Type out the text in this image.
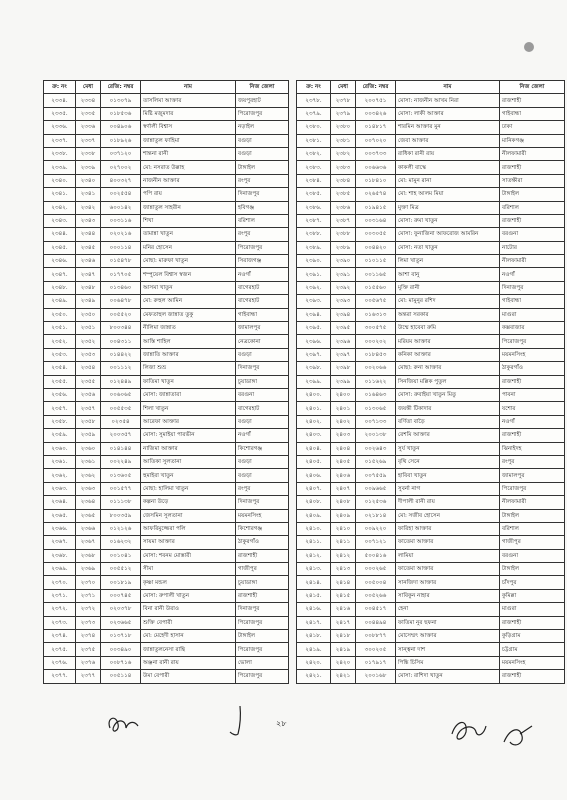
ক্র: নং	মেধা	রেজি: নম্বর	নাম	নিজ জেলা
২৩৩৪.	২৩৩৪	০১৩০৭৯	তাসলিমা আক্তার	জয়পুরহাট
২৩৩৫.	২৩৩৫	০১৮৫৩৬	মিষ্টি মজুমদার	পিরোজপুর
২৩৩৬.	২৩৩৬	০০৪৯০৬	স্বর্ণালী বিশ্বাস	নড়াইল
২৩৩৭.	২৩৩৭	০১৮৯২৬	জান্নাতুল ফাহিমা	বগুড়া
২৩৩৮.	২৩৩৮	০৩৭১২০	শান্তনা রানী	বগুড়া
২৩৩৯.	২৩৩৯	০২৭০০২	মো: নসরাত উল্লাহ	টাঙ্গাইল
২৩৪০.	২৩৪০	৪০০৩২৭	নাজনীন আক্তার	রংপুর
২৩৪১.	২৩৪১	০০২৫৫৪	পপি রায়	দিনাজপুর
২৩৪২.	২৩৪২	৬০০১৪২	জান্নাতুল সাহরীন	হবিগঞ্জ
২৩৪৩.	২৩৪৩	০০৩১১৬	শিখা	বরিশাল
২৩৪৪.	২৩৪৪	০২০২১৬	তামান্না খাতুন	রংপুর
২৩৪৫.	২৩৪৫	০০০১১৪	মনির হোসেন	পিরোজপুর
২৩৪৬.	২৩৪৬	০১৫৪৭৮	মোছা: মারুফা খাতুন	সিরাজগঞ্জ
২৩৪৭.	২৩৪৭	০১৭৭০৫	শম্পুয়েল বিশ্বাস স্বজন	নওগাঁ
২৩৪৮.	২৩৪৮	০১৩৪৬০	আসমা খাতুন	বাগেরহাট
২৩৪৯.	২৩৪৯	০০৬৪৭৮	মো: রুহুল আমিন	বাগেরহাট
২৩৫০.	২৩৫০	০০৫৫২০	মেফতাহুল জান্নাত তুকু	গাইবান্ধা
২৩৫১.	২৩৫১	৮০০৩৪৪	নীলিমা জান্নাত	জামালপুর
২৩৫২.	২৩৫২	০০৪৩১১	আস্তি শাহিল	নেত্রকোনা
২৩৫৩.	২৩৫৩	০১৪৪২২	জান্নাতি আক্তার	বগুড়া
২৩৫৪.	২৩৫৪	০০১১১২	লিজা শুভ্র	দিনাজপুর
২৩৫৫.	২৩৫৫	০১২৪৪৯	ফাতিমা খাতুন	চুয়াডাঙ্গা
২৩৫৬.	২৩৫৬	০০৬০৬৫	মোসা: জান্নাতারা	বরগুনা
২৩৫৭.	২৩৫৭	০০৫৫৩৫	শিলা খাতুন	বাগেরহাট
২৩৫৮.	২৩৫৮	০২৩৫৪	আরেফা আক্তার	বগুড়া
২৩৫৯.	২৩৫৯	২০০৩৫৭	মোসা: সুমাইয়া পারভীন	নওগাঁ
২৩৬০.	২৩৬০	০১৪১৪৪	নাজিমা আক্তার	কিশোরগঞ্জ
২৩৬১.	২৩৬১	০০২২৪৯	আতিকা সুলতানা	বগুড়া
২৩৬২.	২৩৬২	০১৩৬০৫	হুমাইরা খাতুন	বগুড়া
২৩৬৩.	২৩৬৩	০০১৫৭৭	মোছা: হালিমা খাতুন	রংপুর
২৩৬৪.	২৩৬৪	০১১১৩৮	কল্পনা উড়ে	দিনাজপুর
২৩৬৫.	২৩৬৫	৮০০৩৫৯	জেসমিন সুলতানা	ময়মনসিংহ
২৩৬৬.	২৩৬৬	০১২১২৬	আফরিমুজ্জেরা পলি	কিশোরগঞ্জ
২৩৬৭.	২৩৬৭	০১৬২৩২	সায়মা আক্তার	ঠাকুরগাঁও
২৩৬৮.	২৩৬৮	০০১০৪১	মোসা: শবনম মোস্তারী	রাজশাহী
২৩৬৯.	২৩৬৯	০০৫৫১২	সীমা	গাজীপুর
২৩৭০.	২৩৭০	০০১৮১৯	কৃষ্ণা মন্ডল	চুয়াডাঙ্গা
২৩৭১.	২৩৭১	০০০৭৪৫	মোসা: রুপালী খাতুন	রাজশাহী
২৩৭২.	২৩৭২	০২০৩৭৮	বিনা রানী উরাও	দিনাজপুর
২৩৭৩.	২৩৭৩	০২৩৬৬৫	শুক্তি বেপারী	পিরোজপুর
২৩৭৪.	২৩৭৪	০১৩৭১৮	মো: মেহেদী হাসান	টাঙ্গাইল
২৩৭৫.	২৩৭৫	০০৩৪৯০	জান্নাতুলনেসা রান্থি	পিরোজপুর
২৩৭৬.	২৩৭৬	০০৮৭১৬	অঞ্জনা রানী রায়	ভোলা
২৩৭৭.	২৩৭৭	০০৫১১৪	উমা বেপারী	পিরোজপুর
ক্র: নং	মেধা	রেজি: নম্বর	নাম	নিজ জেলা
২৩৭৮.	২৩৭৮	২০০৭৫১	মোসা: নাজনীন আখম নিরা	রাজশাহী
২৩৭৯.	২৩৭৯	০০৩৪২৬	মোসা: লাকী আক্তার	গাইবান্ধা
২৩৮০.	২৩৮০	০১৪৮১৭	শারমিন আক্তার মুন	ঢাকা
২৩৮১.	২৩৮১	০০৭০২০	জেবা আক্তার	মানিকগঞ্জ
২৩৮২.	২৩৮২	০০৩৭৩৩	রাধিকা রানী রায়	নীলফামারী
২৩৮৩.	২৩৮৩	০০৬৬৩৬	কাকলী বাস্কে	রাজশাহী
২৩৮৪.	২৩৮৪	০১৮৪১০	মো: মামুন রানা	সাতক্ষীরা
২৩৮৫.	২৩৮৫	০২৬৫৭৪	মো: শাহ আলম মিয়া	টাঙ্গাইল
২৩৮৬.	২৩৮৬	০১৯৪১৫	মুক্তা মিত্র	বরিশাল
২৩৮৭.	২৩৮৭	০০৩১৬৪	মোসা: রুমা খাতুন	রাজশাহী
২৩৮৮.	২৩৮৮	০০৩০৫৫	মোসা: ফুনাজিনা আফরোজ আমরিন	বরগুনা
২৩৮৯.	২৩৮৯	০০৪৪২০	মোসা: নতা খাতুন	নাটোর
২৩৯০.	২৩৯০	০১০১১৫	লিমা খাতুন	নীলফামারী
২৩৯১.	২৩৯১	০০১১৬৫	আশা বানু	নওগাঁ
২৩৯২.	২৩৯২	০১৫৫৬০	মুক্তি রানী	দিনাজপুর
২৩৯৩.	২৩৯৩	০০৫৬৭৫	মো: মামুনুর রশিদ	গাইবান্ধা
২৩৯৪.	২৩৯৪	০১৬৩১৩	অন্তরা সরকার	মাগুরা
২৩৯৫.	২৩৯৫	৩০০৫৭৫	উম্মে হাবেবা রুমি	কক্সবাজার
২৩৯৬.	২৩৯৬	০০০২০২	মরিয়ম আক্তার	পিরোজপুর
২৩৯৭.	২৩৯৭	০১৮৪৫৩	কনিকা আক্তার	ময়মনসিংহ
২৩৯৮.	২৩৯৮	০০২০৬৬	মোছা: রুনা আক্তার	ঠাকুরগাঁও
২৩৯৯.	২৩৯৯	০১১৬২২	সিনজিয়া মল্লিক পুতুল	রাজশাহী
২৪০০.	২৪০০	০১৬৪৬৩	মোসা: রুবাইয়া খাতুন মিতু	পাবনা
২৪০১.	২৪০১	০১৩০৬৫	জয়ন্তী টিকাদার	যশোর
২৪০২.	২৪০২	০০৭১৩৩	বর্ণিতা বাড়ৈ	নওগাঁ
২৪০৩.	২৪০৩	২০০১৩৮	রেশমি আক্তার	রাজশাহী
২৪০৪.	২৪০৪	০০২৬৪৩	সুর্য খাতুন	ঝিনাইদহ
২৪০৫.	২৪০৫	০১৫২৬৯	বৃথি সেনে	রংপুর
২৪০৬.	২৪০৬	০০৭৫৫৯	হাবিবা খাতুন	জামালপুর
২৪০৭.	২৪০৭	০০৯৬৬৫	সুবর্না নাগ	পিরোজপুর
২৪০৮.	২৪০৮	০১২৫৩৬	দীপালী রানী রায়	নীলফামারী
২৪০৯.	২৪০৯	০২১৮১৪	মো: সজীব হোসেন	টাঙ্গাইল
২৪১০.	২৪১০	০০৯২২০	ফারিহা আক্তার	বরিশাল
২৪১১.	২৪১১	০০৭১২১	ফাতেমা আক্তার	গাজীপুর
২৪১২.	২৪১২	৫০০৪১৬	লামিয়া	বরগুনা
২৪১৩.	২৪১৩	০০০২৬৫	ফাতেমা আক্তার	টাঙ্গাইল
২৪১৪.	২৪১৪	০০৫০০৪	সানজিদা আক্তার	চাঁদপুর
২৪১৫.	২৪১৫	০০৫২৬৬	সাবিকুন নাহার	কুমিল্লা
২৪১৬.	২৪১৬	০০৪৫১৭	হেনা	মাগুরা
২৪১৭.	২৪১৭	০০৪৪৯৪	ফাতিমা নুর ছফনা	রাজশাহী
২৪১৮.	২৪১৮	০০৮৮৭৭	মোসেম্মৎ আক্তার	কুড়িগ্রাম
২৪১৯.	২৪১৯	৩০০২০৫	সান্ত্বনা দাশ	চট্টগ্রাম
২৪২০.	২৪২০	০১৭৯১৭	পিঙ্কি চিসিম	ময়মনসিংহ
২৪২১.	২৪২১	২০০১৬৮	মোসা: রাশিদা খাতুন	রাজশাহী
২৮
